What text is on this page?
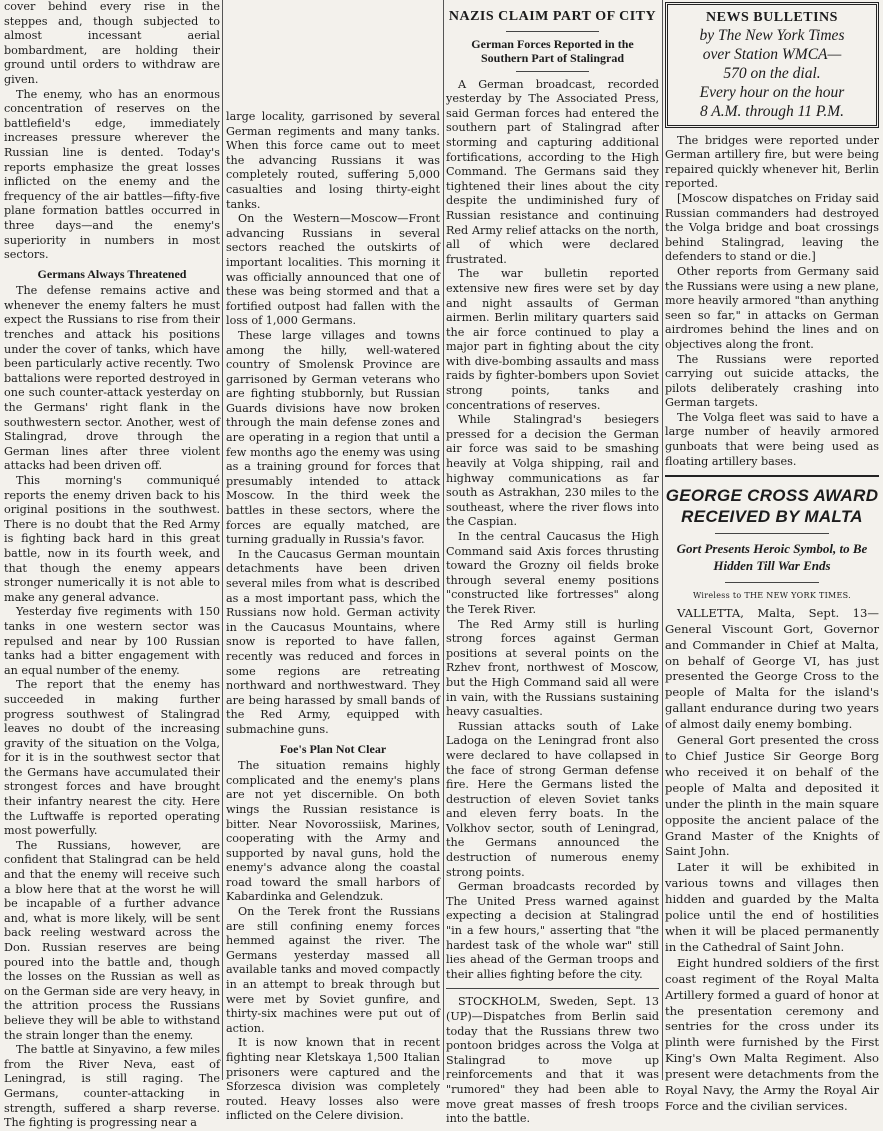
cover behind every rise in the steppes and, though subjected to almost incessant aerial bombardment, are holding their ground until orders to withdraw are given.

The enemy, who has an enormous concentration of reserves on the battlefield's edge, immediately increases pressure wherever the Russian line is dented. Today's reports emphasize the great losses inflicted on the enemy and the frequency of the air battles—fifty-five plane formation battles occurred in three days—and the enemy's superiority in numbers in most sectors.

Germans Always Threatened

The defense remains active and whenever the enemy falters he must expect the Russians to rise from their trenches and attack his positions under the cover of tanks, which have been particularly active recently. Two battalions were reported destroyed in one such counter-attack yesterday on the Germans' right flank in the southwestern sector. Another, west of Stalingrad, drove through the German lines after three violent attacks had been driven off.

This morning's communiqué reports the enemy driven back to his original positions in the southwest. There is no doubt that the Red Army is fighting back hard in this great battle, now in its fourth week, and that though the enemy appears stronger numerically it is not able to make any general advance.

Yesterday five regiments with 150 tanks in one western sector was repulsed and near by 100 Russian tanks had a bitter engagement with an equal number of the enemy.

The report that the enemy has succeeded in making further progress southwest of Stalingrad leaves no doubt of the increasing gravity of the situation on the Volga, for it is in the southwest sector that the Germans have accumulated their strongest forces and have brought their infantry nearest the city. Here the Luftwaffe is reported operating most powerfully.

The Russians, however, are confident that Stalingrad can be held and that the enemy will receive such a blow here that at the worst he will be incapable of a further advance and, what is more likely, will be sent back reeling westward across the Don. Russian reserves are being poured into the battle and, though the losses on the Russian as well as on the German side are very heavy, in the attrition process the Russians believe they will be able to withstand the strain longer than the enemy.

The battle at Sinyavino, a few miles from the River Neva, east of Leningrad, is still raging. The Germans, counter-attacking in strength, suffered a sharp reverse. The fighting is progressing near a

large locality, garrisoned by several German regiments and many tanks. When this force came out to meet the advancing Russians it was completely routed, suffering 5,000 casualties and losing thirty-eight tanks.

On the Western—Moscow—Front advancing Russians in several sectors reached the outskirts of important localities. This morning it was officially announced that one of these was being stormed and that a fortified outpost had fallen with the loss of 1,000 Germans.

These large villages and towns among the hilly, well-watered country of Smolensk Province are garrisoned by German veterans who are fighting stubbornly, but Russian Guards divisions have now broken through the main defense zones and are operating in a region that until a few months ago the enemy was using as a training ground for forces that presumably intended to attack Moscow. In the third week the battles in these sectors, where the forces are equally matched, are turning gradually in Russia's favor.

In the Caucasus German mountain detachments have been driven several miles from what is described as a most important pass, which the Russians now hold. German activity in the Caucasus Mountains, where snow is reported to have fallen, recently was reduced and forces in some regions are retreating northward and northwestward. They are being harassed by small bands of the Red Army, equipped with submachine guns.

Foe's Plan Not Clear

The situation remains highly complicated and the enemy's plans are not yet discernible. On both wings the Russian resistance is bitter. Near Novorossiisk, Marines, cooperating with the Army and supported by naval guns, hold the enemy's advance along the coastal road toward the small harbors of Kabardinka and Gelendzuk.

On the Terek front the Russians are still confining enemy forces hemmed against the river. The Germans yesterday massed all available tanks and moved compactly in an attempt to break through but were met by Soviet gunfire, and thirty-six machines were put out of action.

It is now known that in recent fighting near Kletskaya 1,500 Italian prisoners were captured and the Sforzesca division was completely routed. Heavy losses also were inflicted on the Celere division.

NAZIS CLAIM PART OF CITY
German Forces Reported in the Southern Part of Stalingrad

A German broadcast, recorded yesterday by The Associated Press, said German forces had entered the southern part of Stalingrad after storming and capturing additional fortifications, according to the High Command. The Germans said they tightened their lines about the city despite the undiminished fury of Russian resistance and continuing Red Army relief attacks on the north, all of which were declared frustrated.

The war bulletin reported extensive new fires were set by day and night assaults of German airmen. Berlin military quarters said the air force continued to play a major part in fighting about the city with dive-bombing assaults and mass raids by fighter-bombers upon Soviet strong points, tanks and concentrations of reserves.

While Stalingrad's besiegers pressed for a decision the German air force was said to be smashing heavily at Volga shipping, rail and highway communications as far south as Astrakhan, 230 miles to the southeast, where the river flows into the Caspian.

In the central Caucasus the High Command said Axis forces thrusting toward the Grozny oil fields broke through several enemy positions "constructed like fortresses" along the Terek River.

The Red Army still is hurling strong forces against German positions at several points on the Rzhev front, northwest of Moscow, but the High Command said all were in vain, with the Russians sustaining heavy casualties.

Russian attacks south of Lake Ladoga on the Leningrad front also were declared to have collapsed in the face of strong German defense fire. Here the Germans listed the destruction of eleven Soviet tanks and eleven ferry boats. In the Volkhov sector, south of Leningrad, the Germans announced the destruction of numerous enemy strong points.

German broadcasts recorded by The United Press warned against expecting a decision at Stalingrad "in a few hours," asserting that "the hardest task of the whole war" still lies ahead of the German troops and their allies fighting before the city.

STOCKHOLM, Sweden, Sept. 13 (UP)—Dispatches from Berlin said today that the Russians threw two pontoon bridges across the Volga at Stalingrad to move up reinforcements and that it was "rumored" they had been able to move great masses of fresh troops into the battle.

NEWS BULLETINS
by The New York Times
over Station WMCA—
570 on the dial.
Every hour on the hour
8 A.M. through 11 P.M.

The bridges were reported under German artillery fire, but were being repaired quickly whenever hit, Berlin reported.

[Moscow dispatches on Friday said Russian commanders had destroyed the Volga bridge and boat crossings behind Stalingrad, leaving the defenders to stand or die.]

Other reports from Germany said the Russians were using a new plane, more heavily armored "than anything seen so far," in attacks on German airdromes behind the lines and on objectives along the front.

The Russians were reported carrying out suicide attacks, the pilots deliberately crashing into German targets.

The Volga fleet was said to have a large number of heavily armored gunboats that were being used as floating artillery bases.

GEORGE CROSS AWARD RECEIVED BY MALTA
Gort Presents Heroic Symbol, to Be Hidden Till War Ends
Wireless to THE NEW YORK TIMES.

VALLETTA, Malta, Sept. 13—General Viscount Gort, Governor and Commander in Chief at Malta, on behalf of George VI, has just presented the George Cross to the people of Malta for the island's gallant endurance during two years of almost daily enemy bombing.

General Gort presented the cross to Chief Justice Sir George Borg who received it on behalf of the people of Malta and deposited it under the plinth in the main square opposite the ancient palace of the Grand Master of the Knights of Saint John.

Later it will be exhibited in various towns and villages then hidden and guarded by the Malta police until the end of hostilities when it will be placed permanently in the Cathedral of Saint John.

Eight hundred soldiers of the first coast regiment of the Royal Malta Artillery formed a guard of honor at the presentation ceremony and sentries for the cross under its plinth were furnished by the First King's Own Malta Regiment. Also present were detachments from the Royal Navy, the Army the Royal Air Force and the civilian services.
